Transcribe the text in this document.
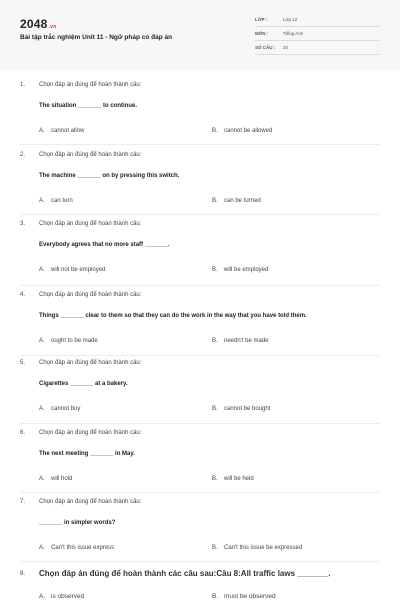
2048.vn
Bài tập trắc nghiệm Unit 11 - Ngữ pháp có đáp án
LỚP :	Lớp 12
MÔN :	Tiếng Anh
SỐ CÂU : 20
1. Chọn đáp án đúng để hoàn thành câu:
The situation _______ to continue.
A. cannot allow	B. cannot be allowed
2. Chọn đáp án đúng để hoàn thành câu:
The machine _______ on by pressing this switch.
A. can turn	B. can be turned
3. Chọn đáp án đúng để hoàn thành câu:
Everybody agrees that no more staff _______.
A. will not be employed	B. will be employed
4. Chọn đáp án đúng để hoàn thành câu:
Things _______ clear to them so that they can do the work in the way that you have told them.
A. ought to be made	B. needn't be made
5. Chọn đáp án đúng để hoàn thành câu:
Cigarettes _______ at a bakery.
A. cannot buy	B. cannot be bought
6. Chọn đáp án đúng để hoàn thành câu:
The next meeting _______ in May.
A. will hold	B. will be held
7. Chọn đáp án đúng để hoàn thành câu:
_______ in simpler words?
A. Can't this issue express	B. Can't this issue be expressed
8. Chọn đáp án đúng để hoàn thành các câu sau:Câu 8:All traffic laws _______.
A. is observed	B. must be observed
